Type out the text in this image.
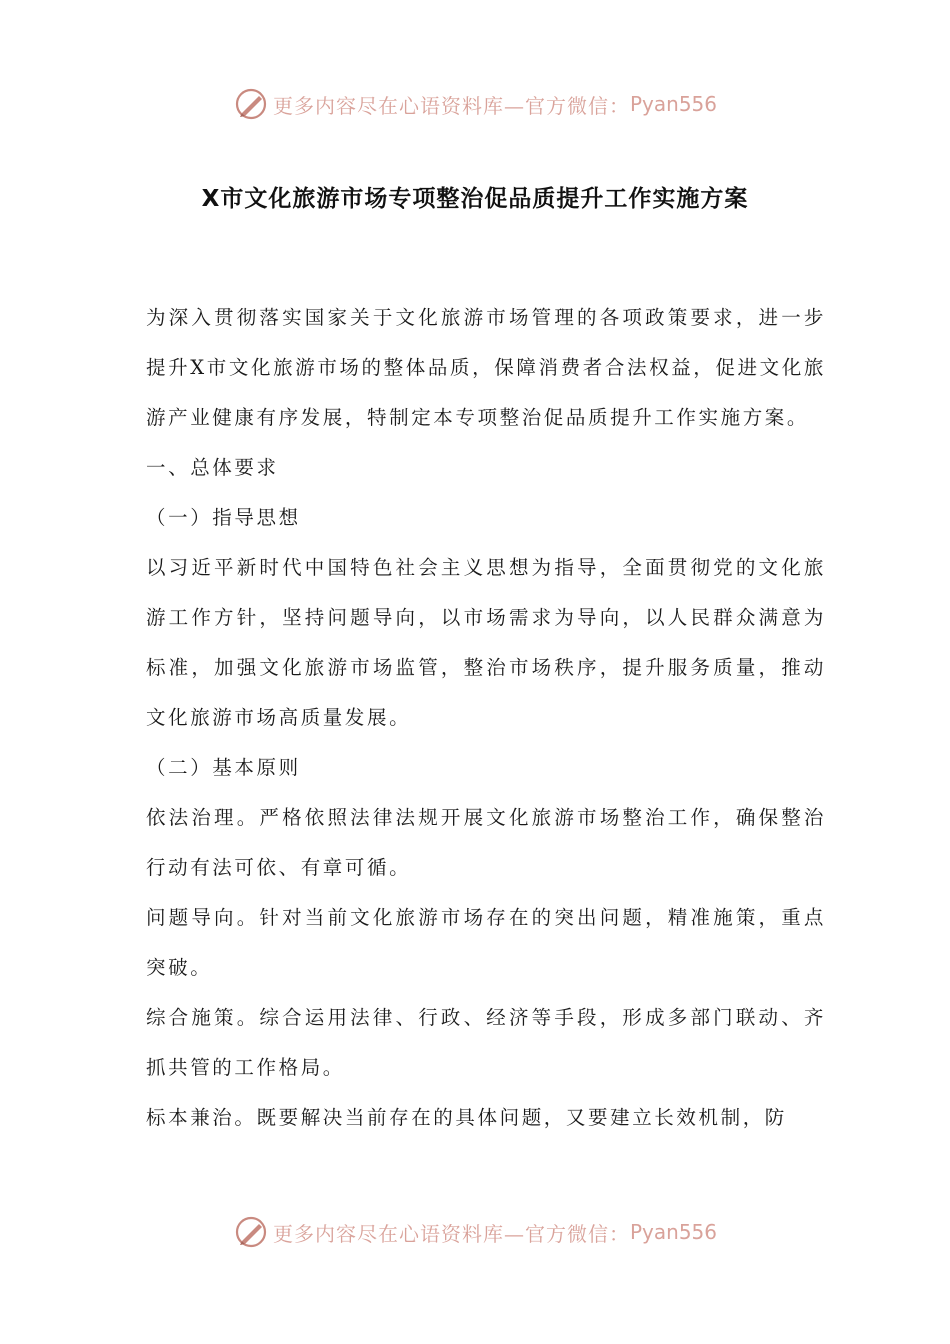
更多内容尽在心语资料库—官方微信： Pyan556
X市文化旅游市场专项整治促品质提升工作实施方案

为深入贯彻落实国家关于文化旅游市场管理的各项政策要求，进一步提升X市文化旅游市场的整体品质，保障消费者合法权益，促进文化旅游产业健康有序发展，特制定本专项整治促品质提升工作实施方案。

一、总体要求

（一）指导思想

以习近平新时代中国特色社会主义思想为指导，全面贯彻党的文化旅游工作方针，坚持问题导向，以市场需求为导向，以人民群众满意为标准，加强文化旅游市场监管，整治市场秩序，提升服务质量，推动文化旅游市场高质量发展。

（二）基本原则

依法治理。严格依照法律法规开展文化旅游市场整治工作，确保整治行动有法可依、有章可循。

问题导向。针对当前文化旅游市场存在的突出问题，精准施策，重点突破。

综合施策。综合运用法律、行政、经济等手段，形成多部门联动、齐抓共管的工作格局。

标本兼治。既要解决当前存在的具体问题，又要建立长效机制，防

更多内容尽在心语资料库—官方微信： Pyan556
